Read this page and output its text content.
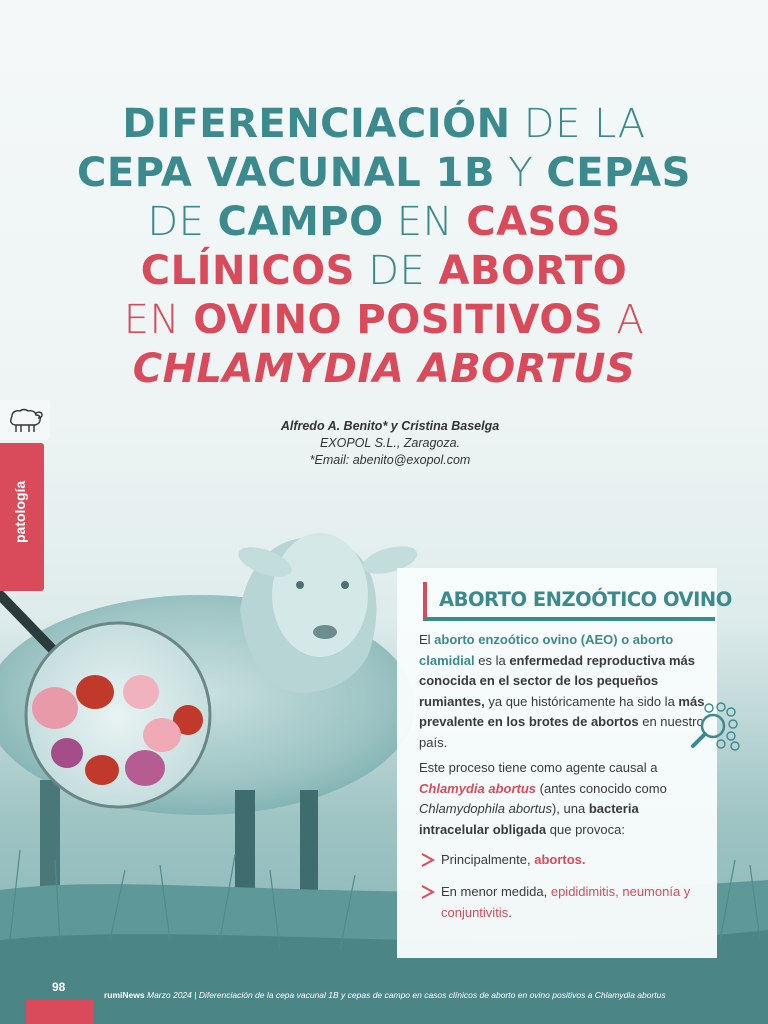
DIFERENCIACIÓN DE LA
CEPA VACUNAL 1B Y CEPAS
DE CAMPO EN CASOS
CLÍNICOS DE ABORTO
EN OVINO POSITIVOS A
CHLAMYDIA ABORTUS
Alfredo A. Benito* y Cristina Baselga
EXOPOL S.L., Zaragoza.
*Email: abenito@exopol.com
patología
ABORTO ENZOÓTICO OVINO

El aborto enzoótico ovino (AEO) o aborto clamidial es la enfermedad reproductiva más conocida en el sector de los pequeños rumiantes, ya que históricamente ha sido la más prevalente en los brotes de abortos en nuestro país.

Este proceso tiene como agente causal a Chlamydia abortus (antes conocido como Chlamydophila abortus), una bacteria intracelular obligada que provoca:

Principalmente, abortos.
En menor medida, epididimitis, neumonía y conjuntivitis.
98
rumiNews Marzo 2024 | Diferenciación de la cepa vacunal 1B y cepas de campo en casos clínicos de aborto en ovino positivos a Chlamydia abortus
